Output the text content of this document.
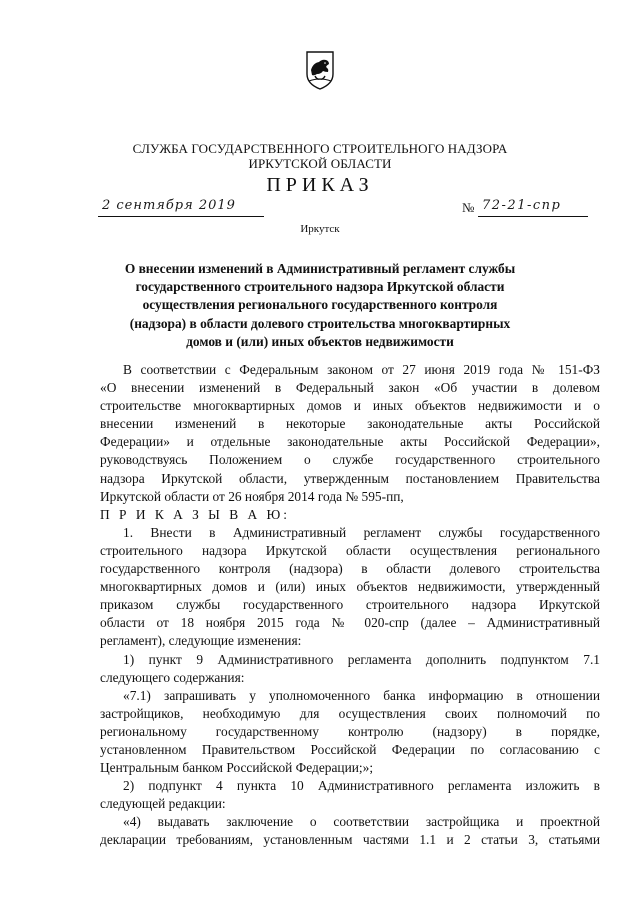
СЛУЖБА ГОСУДАРСТВЕННОГО СТРОИТЕЛЬНОГО НАДЗОРА
ИРКУТСКОЙ ОБЛАСТИ
ПРИКАЗ
2 сентября 2019	№ 72-21-спр
Иркутск
О внесении изменений в Административный регламент службы
государственного строительного надзора Иркутской области
осуществления регионального государственного контроля
(надзора) в области долевого строительства многоквартирных
домов и (или) иных объектов недвижимости
В соответствии с Федеральным законом от 27 июня 2019 года № 151-ФЗ
«О внесении изменений в Федеральный закон «Об участии в долевом
строительстве многоквартирных домов и иных объектов недвижимости и о
внесении изменений в некоторые законодательные акты Российской
Федерации» и отдельные законодательные акты Российской Федерации»,
руководствуясь Положением о службе государственного строительного
надзора Иркутской области, утвержденным постановлением Правительства
Иркутской области от 26 ноября 2014 года № 595-пп,
П Р И К А З Ы В А Ю:
1. Внести в Административный регламент службы государственного
строительного надзора Иркутской области осуществления регионального
государственного контроля (надзора) в области долевого строительства
многоквартирных домов и (или) иных объектов недвижимости, утвержденный
приказом службы государственного строительного надзора Иркутской
области от 18 ноября 2015 года № 020-спр (далее – Административный
регламент), следующие изменения:
1) пункт 9 Административного регламента дополнить подпунктом 7.1
следующего содержания:
«7.1) запрашивать у уполномоченного банка информацию в отношении
застройщиков, необходимую для осуществления своих полномочий по
региональному государственному контролю (надзору) в порядке,
установленном Правительством Российской Федерации по согласованию с
Центральным банком Российской Федерации;»;
2) подпункт 4 пункта 10 Административного регламента изложить в
следующей редакции:
«4) выдавать заключение о соответствии застройщика и проектной
декларации требованиям, установленным частями 1.1 и 2 статьи 3, статьями
